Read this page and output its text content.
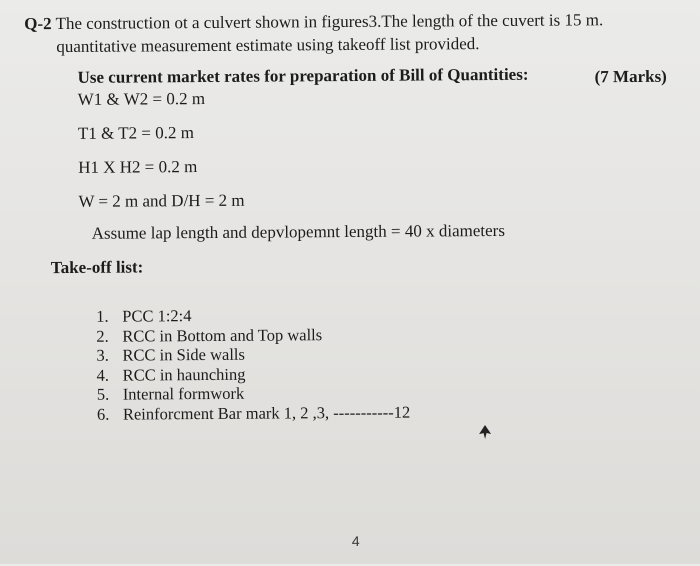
Q-2 The construction ot a culvert shown in figures3.The length of the cuvert is 15 m.
quantitative measurement estimate using takeoff list provided.
Use current market rates for preparation of Bill of Quantities:	(7 Marks)
W1 & W2 = 0.2 m
T1 & T2 = 0.2 m
H1 X H2 = 0.2 m
W = 2 m and D/H = 2 m
Assume lap length and depvlopemnt length = 40 x diameters
Take-off list:
1. PCC 1:2:4
2. RCC in Bottom and Top walls
3. RCC in Side walls
4. RCC in haunching
5. Internal formwork
6. Reinforcment Bar mark 1, 2 ,3, -----------12
4
